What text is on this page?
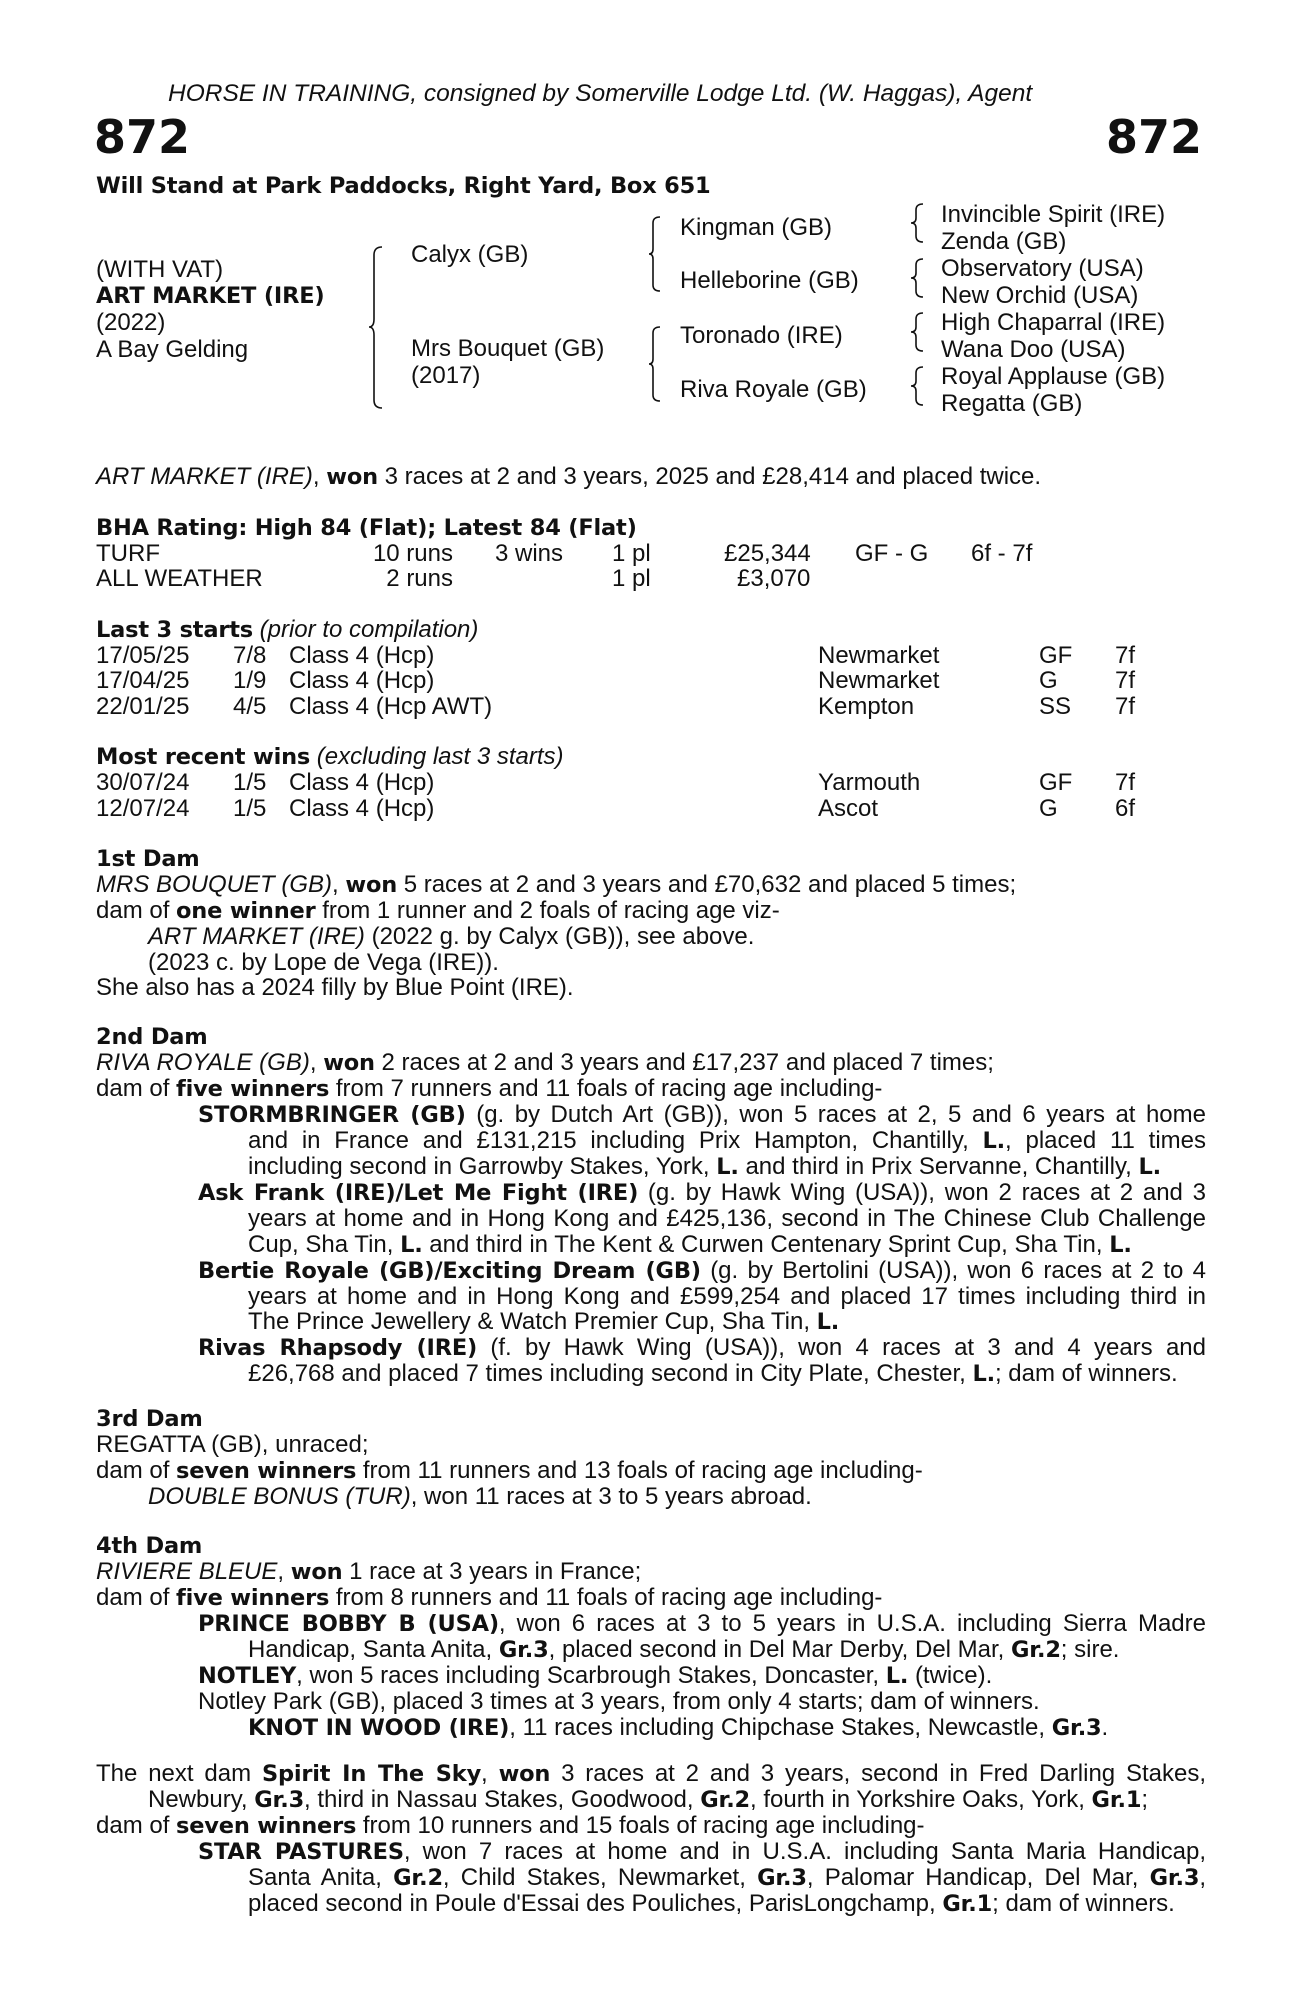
HORSE IN TRAINING, consigned by Somerville Lodge Ltd. (W. Haggas), Agent
872	872
Will Stand at Park Paddocks, Right Yard, Box 651
(WITH VAT)
ART MARKET (IRE)
(2022)
A Bay Gelding
Calyx (GB)
Mrs Bouquet (GB)
(2017)
Kingman (GB)
Helleborine (GB)
Toronado (IRE)
Riva Royale (GB)
Invincible Spirit (IRE)
Zenda (GB)
Observatory (USA)
New Orchid (USA)
High Chaparral (IRE)
Wana Doo (USA)
Royal Applause (GB)
Regatta (GB)
ART MARKET (IRE), won 3 races at 2 and 3 years, 2025 and £28,414 and placed twice.
BHA Rating: High 84 (Flat); Latest 84 (Flat)
TURF	10 runs 3 wins 1 pl	£25,344 GF - G 6f - 7f
ALL WEATHER	2 runs	1 pl	£3,070
Last 3 starts (prior to compilation)
17/05/25 7/8 Class 4 (Hcp)	Newmarket	GF 7f
17/04/25 1/9 Class 4 (Hcp)	Newmarket	G 7f
22/01/25 4/5 Class 4 (Hcp AWT)	Kempton	SS 7f
Most recent wins (excluding last 3 starts)
30/07/24 1/5 Class 4 (Hcp)	Yarmouth	GF 7f
12/07/24 1/5 Class 4 (Hcp)	Ascot	G 6f
1st Dam
MRS BOUQUET (GB), won 5 races at 2 and 3 years and £70,632 and placed 5 times;
dam of one winner from 1 runner and 2 foals of racing age viz-
ART MARKET (IRE) (2022 g. by Calyx (GB)), see above.
(2023 c. by Lope de Vega (IRE)).
She also has a 2024 filly by Blue Point (IRE).
2nd Dam
RIVA ROYALE (GB), won 2 races at 2 and 3 years and £17,237 and placed 7 times;
dam of five winners from 7 runners and 11 foals of racing age including-
STORMBRINGER (GB) (g. by Dutch Art (GB)), won 5 races at 2, 5 and 6 years at home
and in France and £131,215 including Prix Hampton, Chantilly, L., placed 11 times
including second in Garrowby Stakes, York, L. and third in Prix Servanne, Chantilly, L.
Ask Frank (IRE)/Let Me Fight (IRE) (g. by Hawk Wing (USA)), won 2 races at 2 and 3
years at home and in Hong Kong and £425,136, second in The Chinese Club Challenge
Cup, Sha Tin, L. and third in The Kent & Curwen Centenary Sprint Cup, Sha Tin, L.
Bertie Royale (GB)/Exciting Dream (GB) (g. by Bertolini (USA)), won 6 races at 2 to 4
years at home and in Hong Kong and £599,254 and placed 17 times including third in
The Prince Jewellery & Watch Premier Cup, Sha Tin, L.
Rivas Rhapsody (IRE) (f. by Hawk Wing (USA)), won 4 races at 3 and 4 years and
£26,768 and placed 7 times including second in City Plate, Chester, L.; dam of winners.
3rd Dam
REGATTA (GB), unraced;
dam of seven winners from 11 runners and 13 foals of racing age including-
DOUBLE BONUS (TUR), won 11 races at 3 to 5 years abroad.
4th Dam
RIVIERE BLEUE, won 1 race at 3 years in France;
dam of five winners from 8 runners and 11 foals of racing age including-
PRINCE BOBBY B (USA), won 6 races at 3 to 5 years in U.S.A. including Sierra Madre
Handicap, Santa Anita, Gr.3, placed second in Del Mar Derby, Del Mar, Gr.2; sire.
NOTLEY, won 5 races including Scarbrough Stakes, Doncaster, L. (twice).
Notley Park (GB), placed 3 times at 3 years, from only 4 starts; dam of winners.
KNOT IN WOOD (IRE), 11 races including Chipchase Stakes, Newcastle, Gr.3.
The next dam Spirit In The Sky, won 3 races at 2 and 3 years, second in Fred Darling Stakes,
Newbury, Gr.3, third in Nassau Stakes, Goodwood, Gr.2, fourth in Yorkshire Oaks, York, Gr.1;
dam of seven winners from 10 runners and 15 foals of racing age including-
STAR PASTURES, won 7 races at home and in U.S.A. including Santa Maria Handicap,
Santa Anita, Gr.2, Child Stakes, Newmarket, Gr.3, Palomar Handicap, Del Mar, Gr.3,
placed second in Poule d'Essai des Pouliches, ParisLongchamp, Gr.1; dam of winners.
